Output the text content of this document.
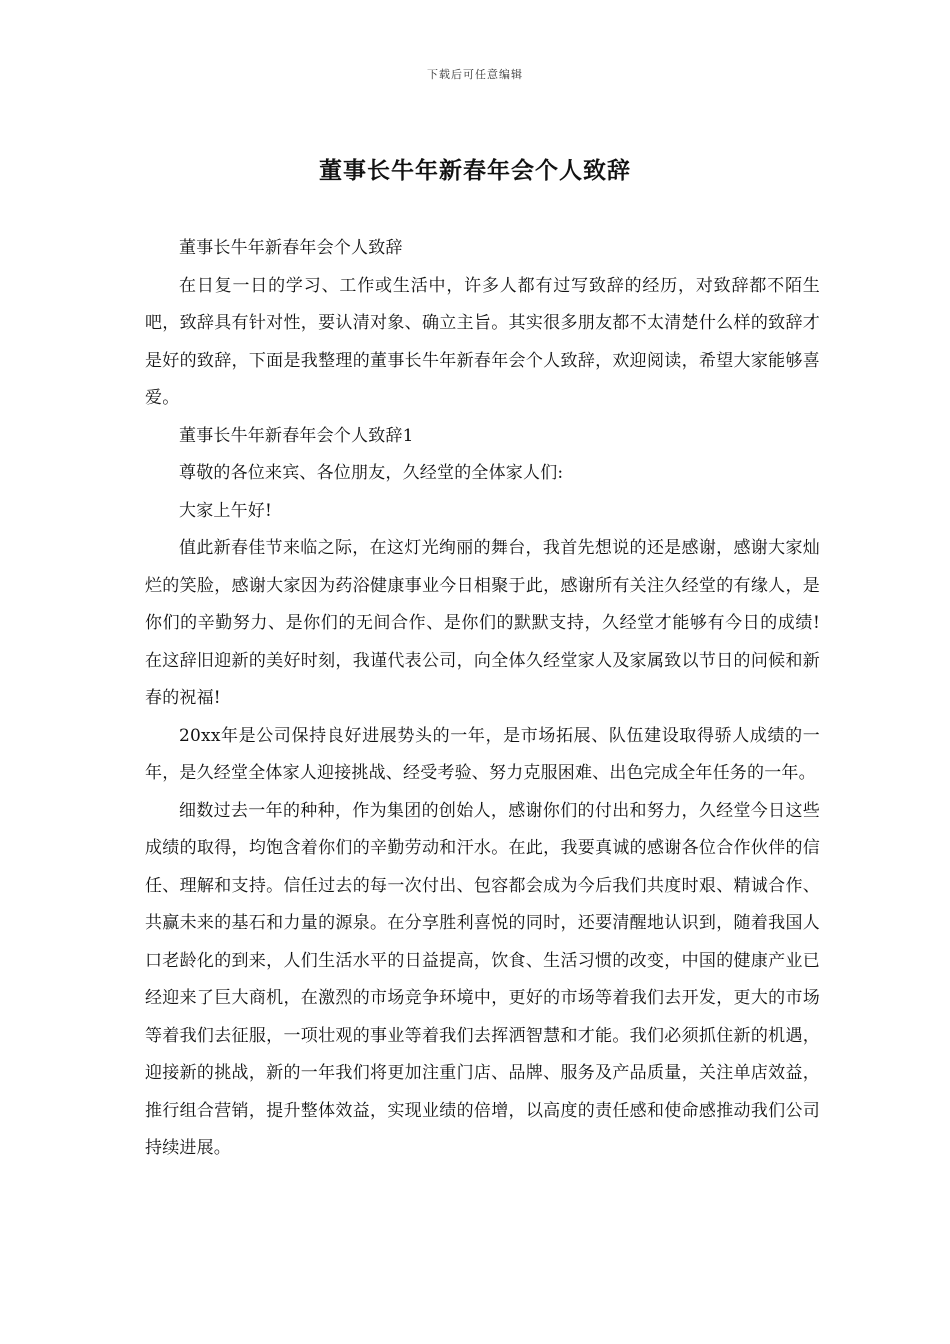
下载后可任意编辑
董事长牛年新春年会个人致辞

董事长牛年新春年会个人致辞

在日复一日的学习、工作或生活中，许多人都有过写致辞的经历，对致辞都不陌生吧，致辞具有针对性，要认清对象、确立主旨。其实很多朋友都不太清楚什么样的致辞才是好的致辞，下面是我整理的董事长牛年新春年会个人致辞，欢迎阅读，希望大家能够喜爱。

董事长牛年新春年会个人致辞1

尊敬的各位来宾、各位朋友，久经堂的全体家人们:

大家上午好!

值此新春佳节来临之际，在这灯光绚丽的舞台，我首先想说的还是感谢，感谢大家灿烂的笑脸，感谢大家因为药浴健康事业今日相聚于此，感谢所有关注久经堂的有缘人，是你们的辛勤努力、是你们的无间合作、是你们的默默支持，久经堂才能够有今日的成绩!在这辞旧迎新的美好时刻，我谨代表公司，向全体久经堂家人及家属致以节日的问候和新春的祝福!

20xx年是公司保持良好进展势头的一年，是市场拓展、队伍建设取得骄人成绩的一年，是久经堂全体家人迎接挑战、经受考验、努力克服困难、出色完成全年任务的一年。

细数过去一年的种种，作为集团的创始人，感谢你们的付出和努力，久经堂今日这些成绩的取得，均饱含着你们的辛勤劳动和汗水。在此，我要真诚的感谢各位合作伙伴的信任、理解和支持。信任过去的每一次付出、包容都会成为今后我们共度时艰、精诚合作、共赢未来的基石和力量的源泉。在分享胜利喜悦的同时，还要清醒地认识到，随着我国人口老龄化的到来，人们生活水平的日益提高，饮食、生活习惯的改变，中国的健康产业已经迎来了巨大商机，在激烈的市场竞争环境中，更好的市场等着我们去开发，更大的市场等着我们去征服，一项壮观的事业等着我们去挥洒智慧和才能。我们必须抓住新的机遇，迎接新的挑战，新的一年我们将更加注重门店、品牌、服务及产品质量，关注单店效益，推行组合营销，提升整体效益，实现业绩的倍增，以高度的责任感和使命感推动我们公司持续进展。
